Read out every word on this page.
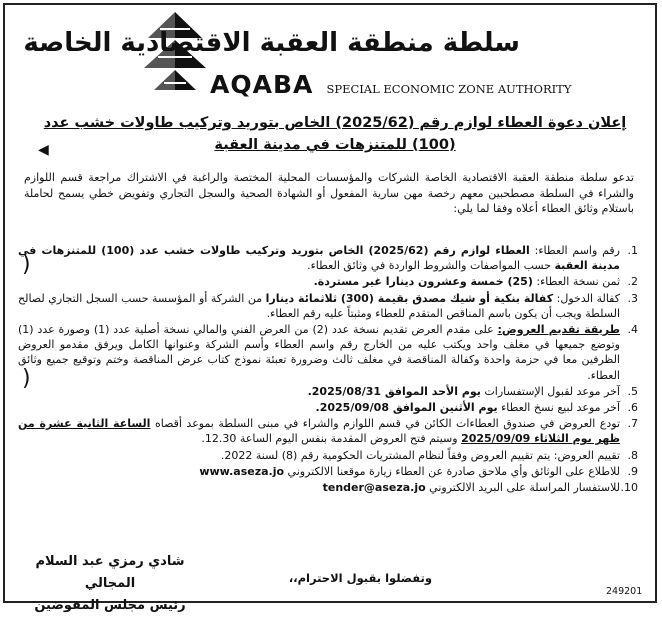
سلطة منطقة العقبة الاقتصادية الخاصة
AQABA SPECIAL ECONOMIC ZONE AUTHORITY
إعلان دعوة العطاء لوازم رقم (2025/62) الخاص بتوريد وتركيب طاولات خشب عدد
(100) للمتنزهات في مدينة العقبة
◀
تدعو سلطة منطقة العقبة الاقتصادية الخاصة الشركات والمؤسسات المحلية المختصة والراغبة في الاشتراك مراجعة قسم اللوازم والشراء في السلطة مصطحبين معهم رخصة مهن سارية المفعول أو الشهادة الصحية والسجل التجاري وتفويض خطي يسمح لحاملة باستلام وثائق العطاء أعلاه وفقا لما يلي:
1.
رقم واسم العطاء: العطاء لوازم رقم (2025/62) الخاص بتوريد وتركيب طاولات خشب عدد (100) للمتنزهات في مدينة العقبة حسب المواصفات والشروط الواردة في وثائق العطاء.
2.
ثمن نسخة العطاء: (25) خمسة وعشرون دينارا غير مستردة.
3.
كفالة الدخول: كفالة بنكية أو شيك مصدق بقيمة (300) ثلاثمائة دينارا من الشركة أو المؤسسة حسب السجل التجاري لصالح السلطة ويجب أن يكون باسم المناقص المتقدم للعطاء ومثبتاً عليه رقم العطاء.
4.
طريقة تقديم العروض: على مقدم العرض تقديم نسخة عدد (2) من العرض الفني والمالي نسخة أصلية عدد (1) وصورة عدد (1) وتوضع جميعها في مغلف واحد ويكتب عليه من الخارج رقم واسم العطاء وأسم الشركة وعنوانها الكامل ويرفق مقدمو العروض الظرفين معا في حزمة واحدة وكفالة المناقصة في مغلف ثالث وضرورة تعبئة نموذج كتاب عرض المناقصة وختم وتوقيع جميع وثائق العطاء.
5.
آخر موعد لقبول الإستفسارات يوم الأحد الموافق 2025/08/31.
6.
آخر موعد لبيع نسخ العطاء يوم الأثنين الموافق 2025/09/08.
7.
تودع العروض في صندوق العطاءات الكائن في قسم اللوازم والشراء في مبنى السلطة بموعد أقصاه الساعة الثانية عشرة من ظهر يوم الثلاثاء 2025/09/09 وسيتم فتح العروض المقدمة بنفس اليوم الساعة 12.30.
8.
تقييم العروض: يتم تقييم العروض وفقاً لنظام المشتريات الحكومية رقم (8) لسنة 2022.
9.
للاطلاع على الوثائق وأي ملاحق صادرة عن العطاء زيارة موقعنا الالكتروني www.aseza.jo
10.
للاستفسار المراسلة على البريد الالكتروني tender@aseza.jo
)
)
وتفضلوا بقبول الاحترام،،
شادي رمزي عبد السلام المجالي
رئيس مجلس المفوضين
249201
